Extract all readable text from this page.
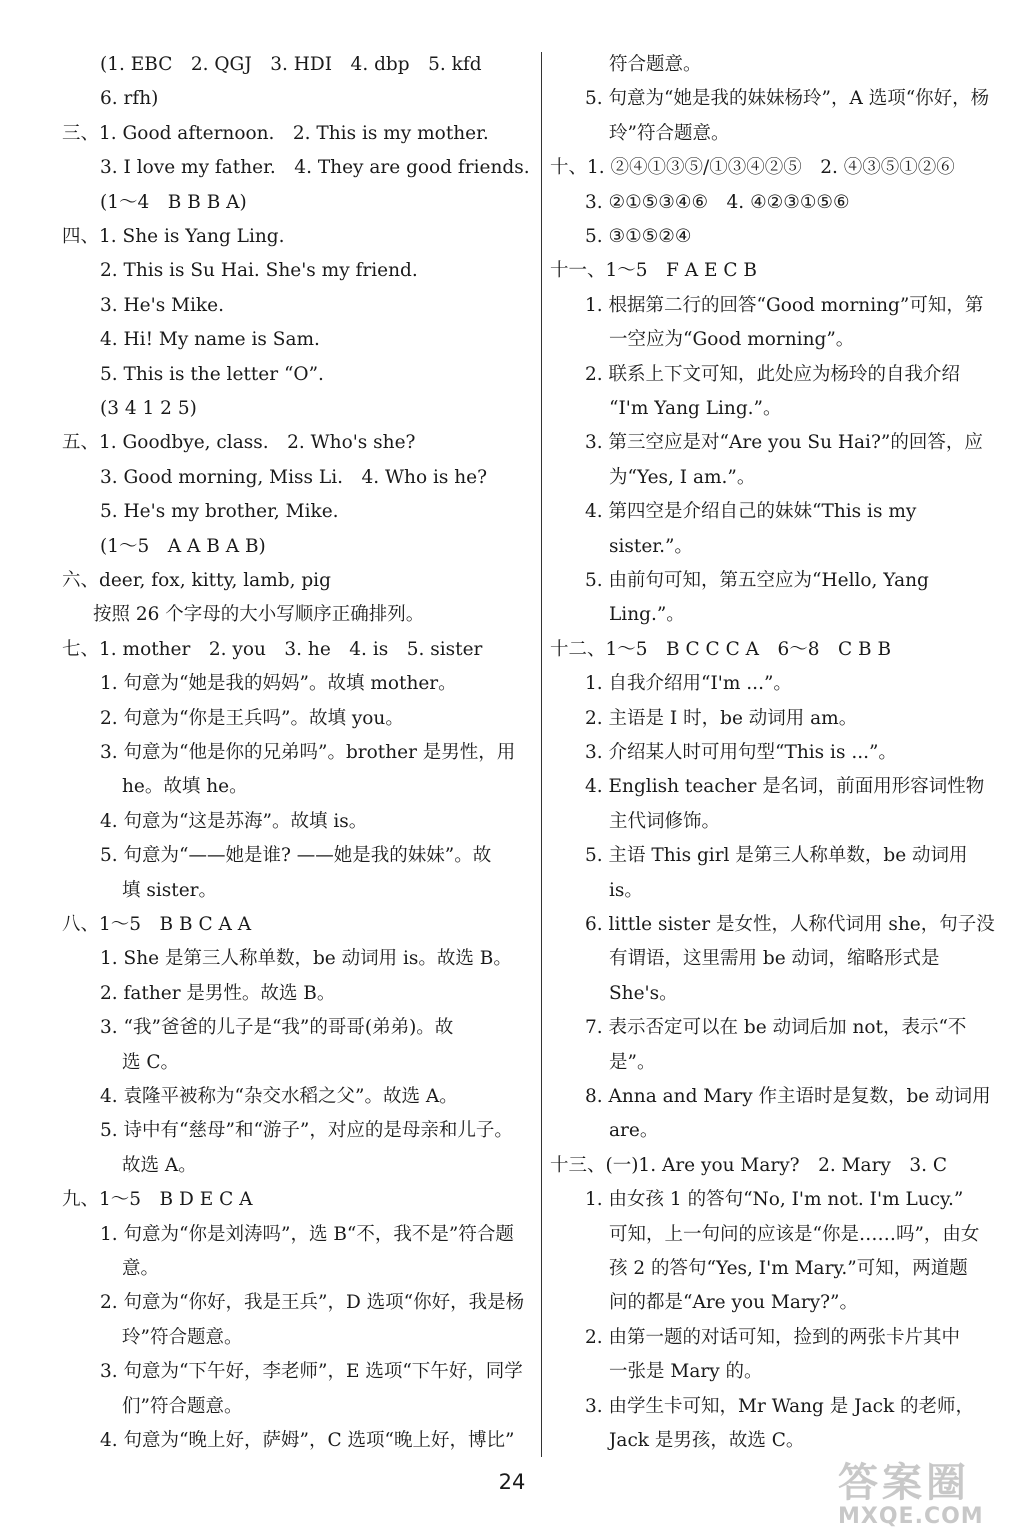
(1. EBC　2. QGJ　3. HDI　4. dbp　5. kfd
6. rfh)
三、1. Good afternoon.　2. This is my mother.
3. I love my father.　4. They are good friends.
(1～4　B B B A)
四、1. She is Yang Ling.
2. This is Su Hai. She's my friend.
3. He's Mike.
4. Hi! My name is Sam.
5. This is the letter “O”.
(3 4 1 2 5)
五、1. Goodbye, class.　2. Who's she?
3. Good morning, Miss Li.　4. Who is he?
5. He's my brother, Mike.
(1～5　A A B A B)
六、deer, fox, kitty, lamb, pig
按照 26 个字母的大小写顺序正确排列。
七、1. mother　2. you　3. he　4. is　5. sister
1. 句意为“她是我的妈妈”。故填 mother。
2. 句意为“你是王兵吗”。故填 you。
3. 句意为“他是你的兄弟吗”。brother 是男性，用
he。故填 he。
4. 句意为“这是苏海”。故填 is。
5. 句意为“——她是谁? ——她是我的妹妹”。故
填 sister。
八、1～5　B B C A A
1. She 是第三人称单数，be 动词用 is。故选 B。
2. father 是男性。故选 B。
3. “我”爸爸的儿子是“我”的哥哥(弟弟)。故
选 C。
4. 袁隆平被称为“杂交水稻之父”。故选 A。
5. 诗中有“慈母”和“游子”，对应的是母亲和儿子。
故选 A。
九、1～5　B D E C A
1. 句意为“你是刘涛吗”，选 B“不，我不是”符合题
意。
2. 句意为“你好，我是王兵”，D 选项“你好，我是杨
玲”符合题意。
3. 句意为“下午好，李老师”，E 选项“下午好，同学
们”符合题意。
4. 句意为“晚上好，萨姆”，C 选项“晚上好，博比”
符合题意。
5. 句意为“她是我的妹妹杨玲”，A 选项“你好，杨
玲”符合题意。
十、1. ②④①③⑤/①③④②⑤　2. ④③⑤①②⑥
3. ②①⑤③④⑥　4. ④②③①⑤⑥
5. ③①⑤②④
十一、1～5　F A E C B
1. 根据第二行的回答“Good morning”可知，第
一空应为“Good morning”。
2. 联系上下文可知，此处应为杨玲的自我介绍
“I'm Yang Ling.”。
3. 第三空应是对“Are you Su Hai?”的回答，应
为“Yes, I am.”。
4. 第四空是介绍自己的妹妹“This is my
sister.”。
5. 由前句可知，第五空应为“Hello, Yang
Ling.”。
十二、1～5　B C C C A　6～8　C B B
1. 自我介绍用“I'm ...”。
2. 主语是 I 时，be 动词用 am。
3. 介绍某人时可用句型“This is ...”。
4. English teacher 是名词，前面用形容词性物
主代词修饰。
5. 主语 This girl 是第三人称单数，be 动词用
is。
6. little sister 是女性，人称代词用 she，句子没
有谓语，这里需用 be 动词，缩略形式是
She's。
7. 表示否定可以在 be 动词后加 not，表示“不
是”。
8. Anna and Mary 作主语时是复数，be 动词用
are。
十三、(一)1. Are you Mary?　2. Mary　3. C
1. 由女孩 1 的答句“No, I'm not. I'm Lucy.”
可知，上一句问的应该是“你是……吗”，由女
孩 2 的答句“Yes, I'm Mary.”可知，两道题
问的都是“Are you Mary?”。
2. 由第一题的对话可知，捡到的两张卡片其中
一张是 Mary 的。
3. 由学生卡可知，Mr Wang 是 Jack 的老师，
Jack 是男孩，故选 C。
24	答案圈
MXQE.COM
